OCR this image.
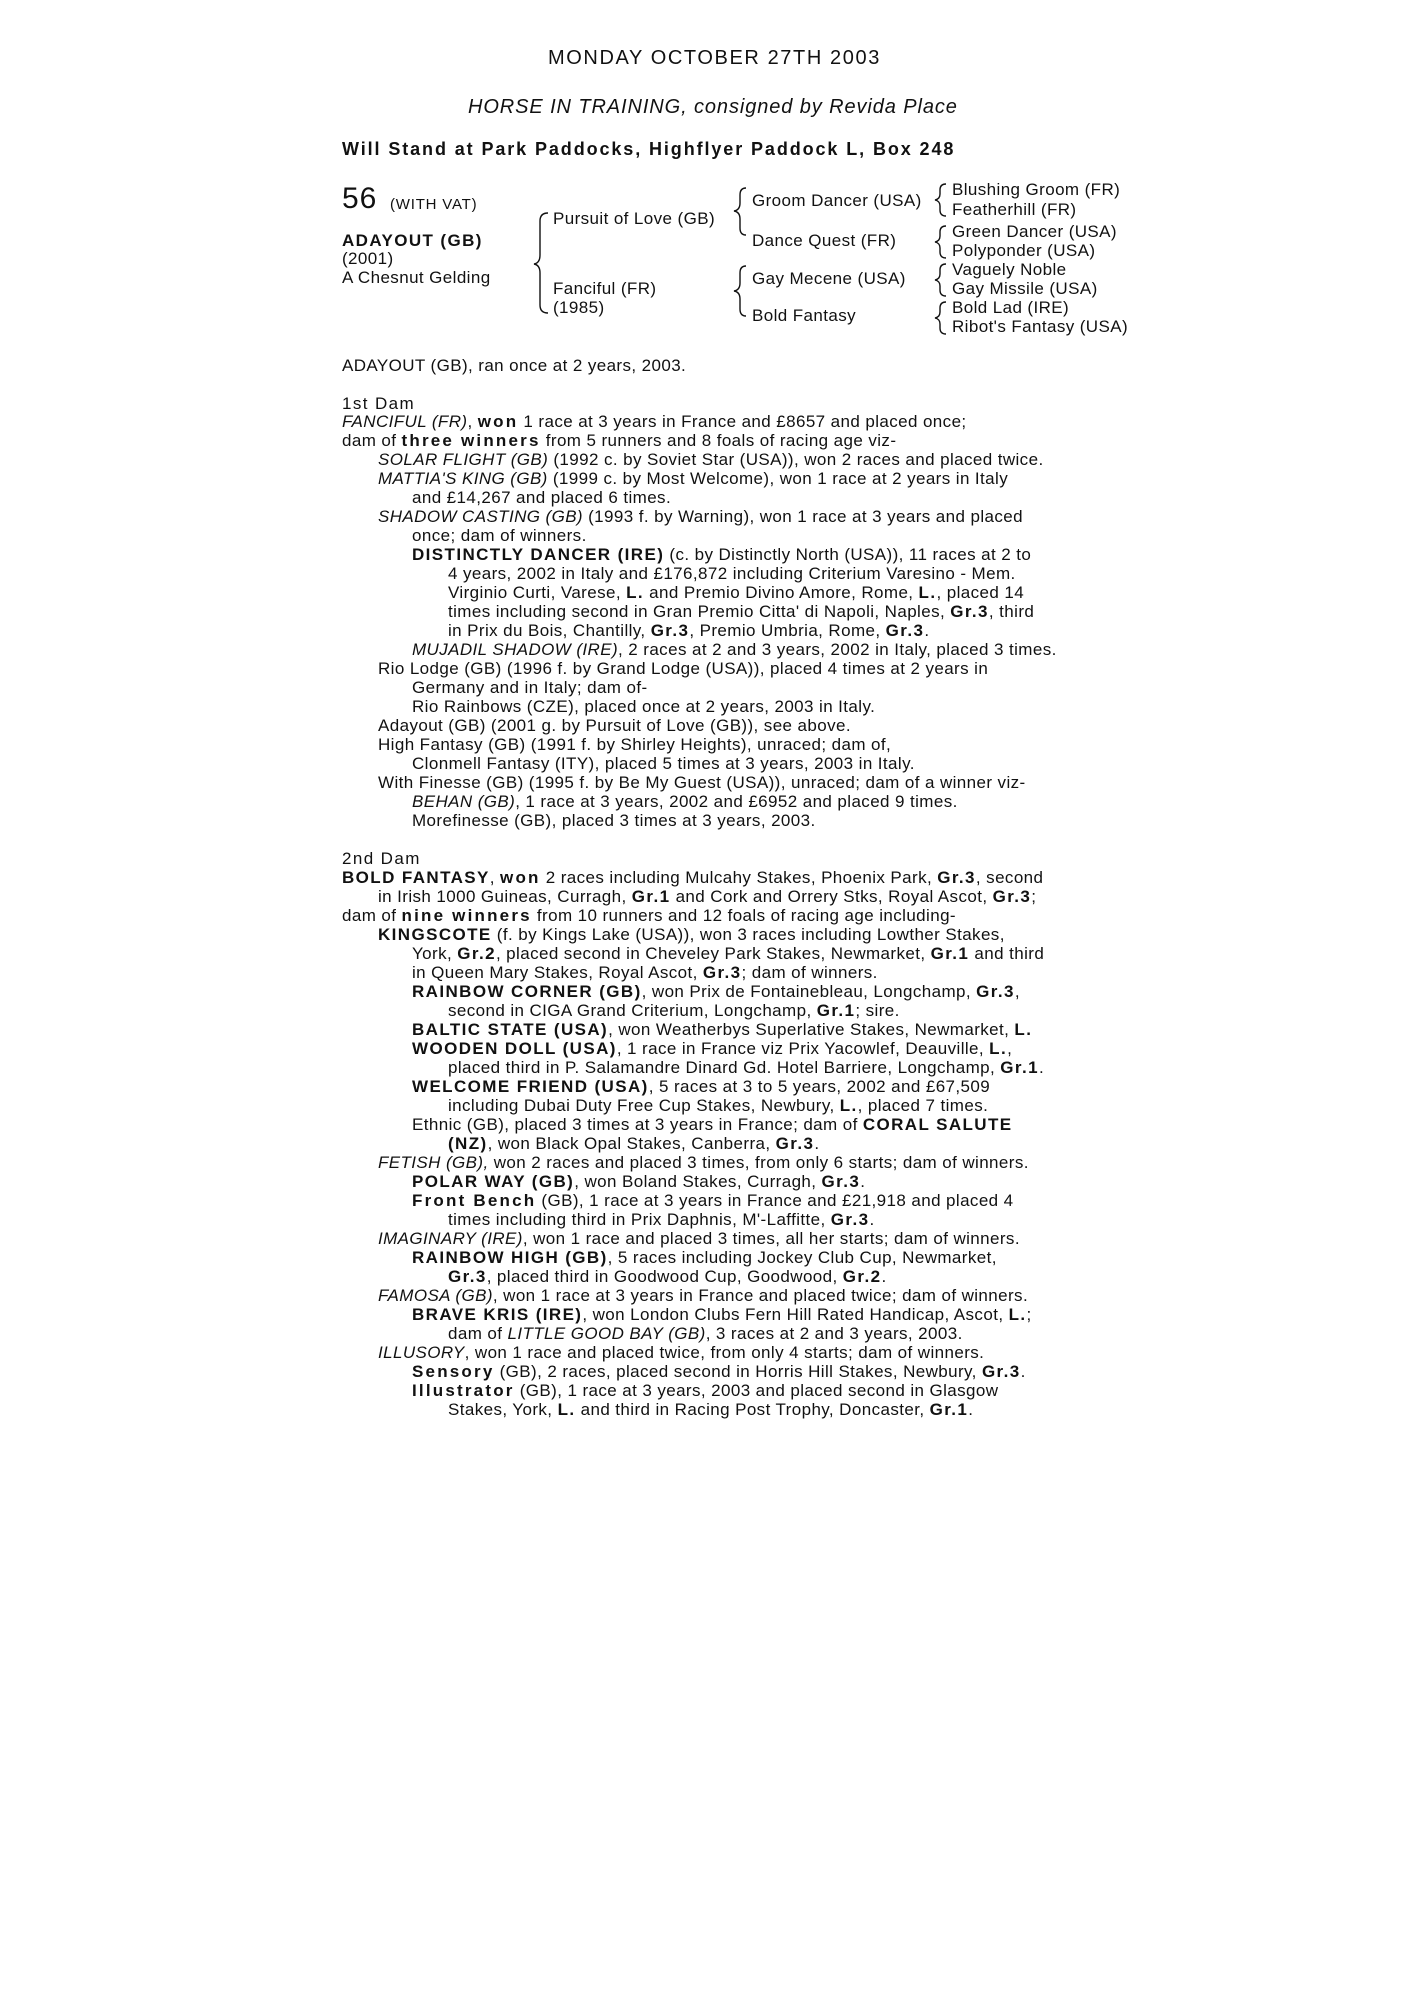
MONDAY OCTOBER 27TH 2003
HORSE IN TRAINING, consigned by Revida Place
Will Stand at Park Paddocks, Highflyer Paddock L, Box 248
56 (WITH VAT)
ADAYOUT (GB)
(2001)
A Chesnut Gelding
Pursuit of Love (GB)
Fanciful (FR)
(1985)
Groom Dancer (USA)
Dance Quest (FR)
Gay Mecene (USA)
Bold Fantasy
Blushing Groom (FR)
Featherhill (FR)
Green Dancer (USA)
Polyponder (USA)
Vaguely Noble
Gay Missile (USA)
Bold Lad (IRE)
Ribot's Fantasy (USA)
ADAYOUT (GB), ran once at 2 years, 2003.
1st Dam
FANCIFUL (FR), won 1 race at 3 years in France and £8657 and placed once;
dam of three winners from 5 runners and 8 foals of racing age viz-
SOLAR FLIGHT (GB) (1992 c. by Soviet Star (USA)), won 2 races and placed twice.
MATTIA'S KING (GB) (1999 c. by Most Welcome), won 1 race at 2 years in Italy
and £14,267 and placed 6 times.
SHADOW CASTING (GB) (1993 f. by Warning), won 1 race at 3 years and placed
once; dam of winners.
DISTINCTLY DANCER (IRE) (c. by Distinctly North (USA)), 11 races at 2 to
4 years, 2002 in Italy and £176,872 including Criterium Varesino - Mem.
Virginio Curti, Varese, L. and Premio Divino Amore, Rome, L., placed 14
times including second in Gran Premio Citta' di Napoli, Naples, Gr.3, third
in Prix du Bois, Chantilly, Gr.3, Premio Umbria, Rome, Gr.3.
MUJADIL SHADOW (IRE), 2 races at 2 and 3 years, 2002 in Italy, placed 3 times.
Rio Lodge (GB) (1996 f. by Grand Lodge (USA)), placed 4 times at 2 years in
Germany and in Italy; dam of-
Rio Rainbows (CZE), placed once at 2 years, 2003 in Italy.
Adayout (GB) (2001 g. by Pursuit of Love (GB)), see above.
High Fantasy (GB) (1991 f. by Shirley Heights), unraced; dam of,
Clonmell Fantasy (ITY), placed 5 times at 3 years, 2003 in Italy.
With Finesse (GB) (1995 f. by Be My Guest (USA)), unraced; dam of a winner viz-
BEHAN (GB), 1 race at 3 years, 2002 and £6952 and placed 9 times.
Morefinesse (GB), placed 3 times at 3 years, 2003.
2nd Dam
BOLD FANTASY, won 2 races including Mulcahy Stakes, Phoenix Park, Gr.3, second
in Irish 1000 Guineas, Curragh, Gr.1 and Cork and Orrery Stks, Royal Ascot, Gr.3;
dam of nine winners from 10 runners and 12 foals of racing age including-
KINGSCOTE (f. by Kings Lake (USA)), won 3 races including Lowther Stakes,
York, Gr.2, placed second in Cheveley Park Stakes, Newmarket, Gr.1 and third
in Queen Mary Stakes, Royal Ascot, Gr.3; dam of winners.
RAINBOW CORNER (GB), won Prix de Fontainebleau, Longchamp, Gr.3,
second in CIGA Grand Criterium, Longchamp, Gr.1; sire.
BALTIC STATE (USA), won Weatherbys Superlative Stakes, Newmarket, L.
WOODEN DOLL (USA), 1 race in France viz Prix Yacowlef, Deauville, L.,
placed third in P. Salamandre Dinard Gd. Hotel Barriere, Longchamp, Gr.1.
WELCOME FRIEND (USA), 5 races at 3 to 5 years, 2002 and £67,509
including Dubai Duty Free Cup Stakes, Newbury, L., placed 7 times.
Ethnic (GB), placed 3 times at 3 years in France; dam of CORAL SALUTE
(NZ), won Black Opal Stakes, Canberra, Gr.3.
FETISH (GB), won 2 races and placed 3 times, from only 6 starts; dam of winners.
POLAR WAY (GB), won Boland Stakes, Curragh, Gr.3.
Front Bench (GB), 1 race at 3 years in France and £21,918 and placed 4
times including third in Prix Daphnis, M'-Laffitte, Gr.3.
IMAGINARY (IRE), won 1 race and placed 3 times, all her starts; dam of winners.
RAINBOW HIGH (GB), 5 races including Jockey Club Cup, Newmarket,
Gr.3, placed third in Goodwood Cup, Goodwood, Gr.2.
FAMOSA (GB), won 1 race at 3 years in France and placed twice; dam of winners.
BRAVE KRIS (IRE), won London Clubs Fern Hill Rated Handicap, Ascot, L.;
dam of LITTLE GOOD BAY (GB), 3 races at 2 and 3 years, 2003.
ILLUSORY, won 1 race and placed twice, from only 4 starts; dam of winners.
Sensory (GB), 2 races, placed second in Horris Hill Stakes, Newbury, Gr.3.
Illustrator (GB), 1 race at 3 years, 2003 and placed second in Glasgow
Stakes, York, L. and third in Racing Post Trophy, Doncaster, Gr.1.
